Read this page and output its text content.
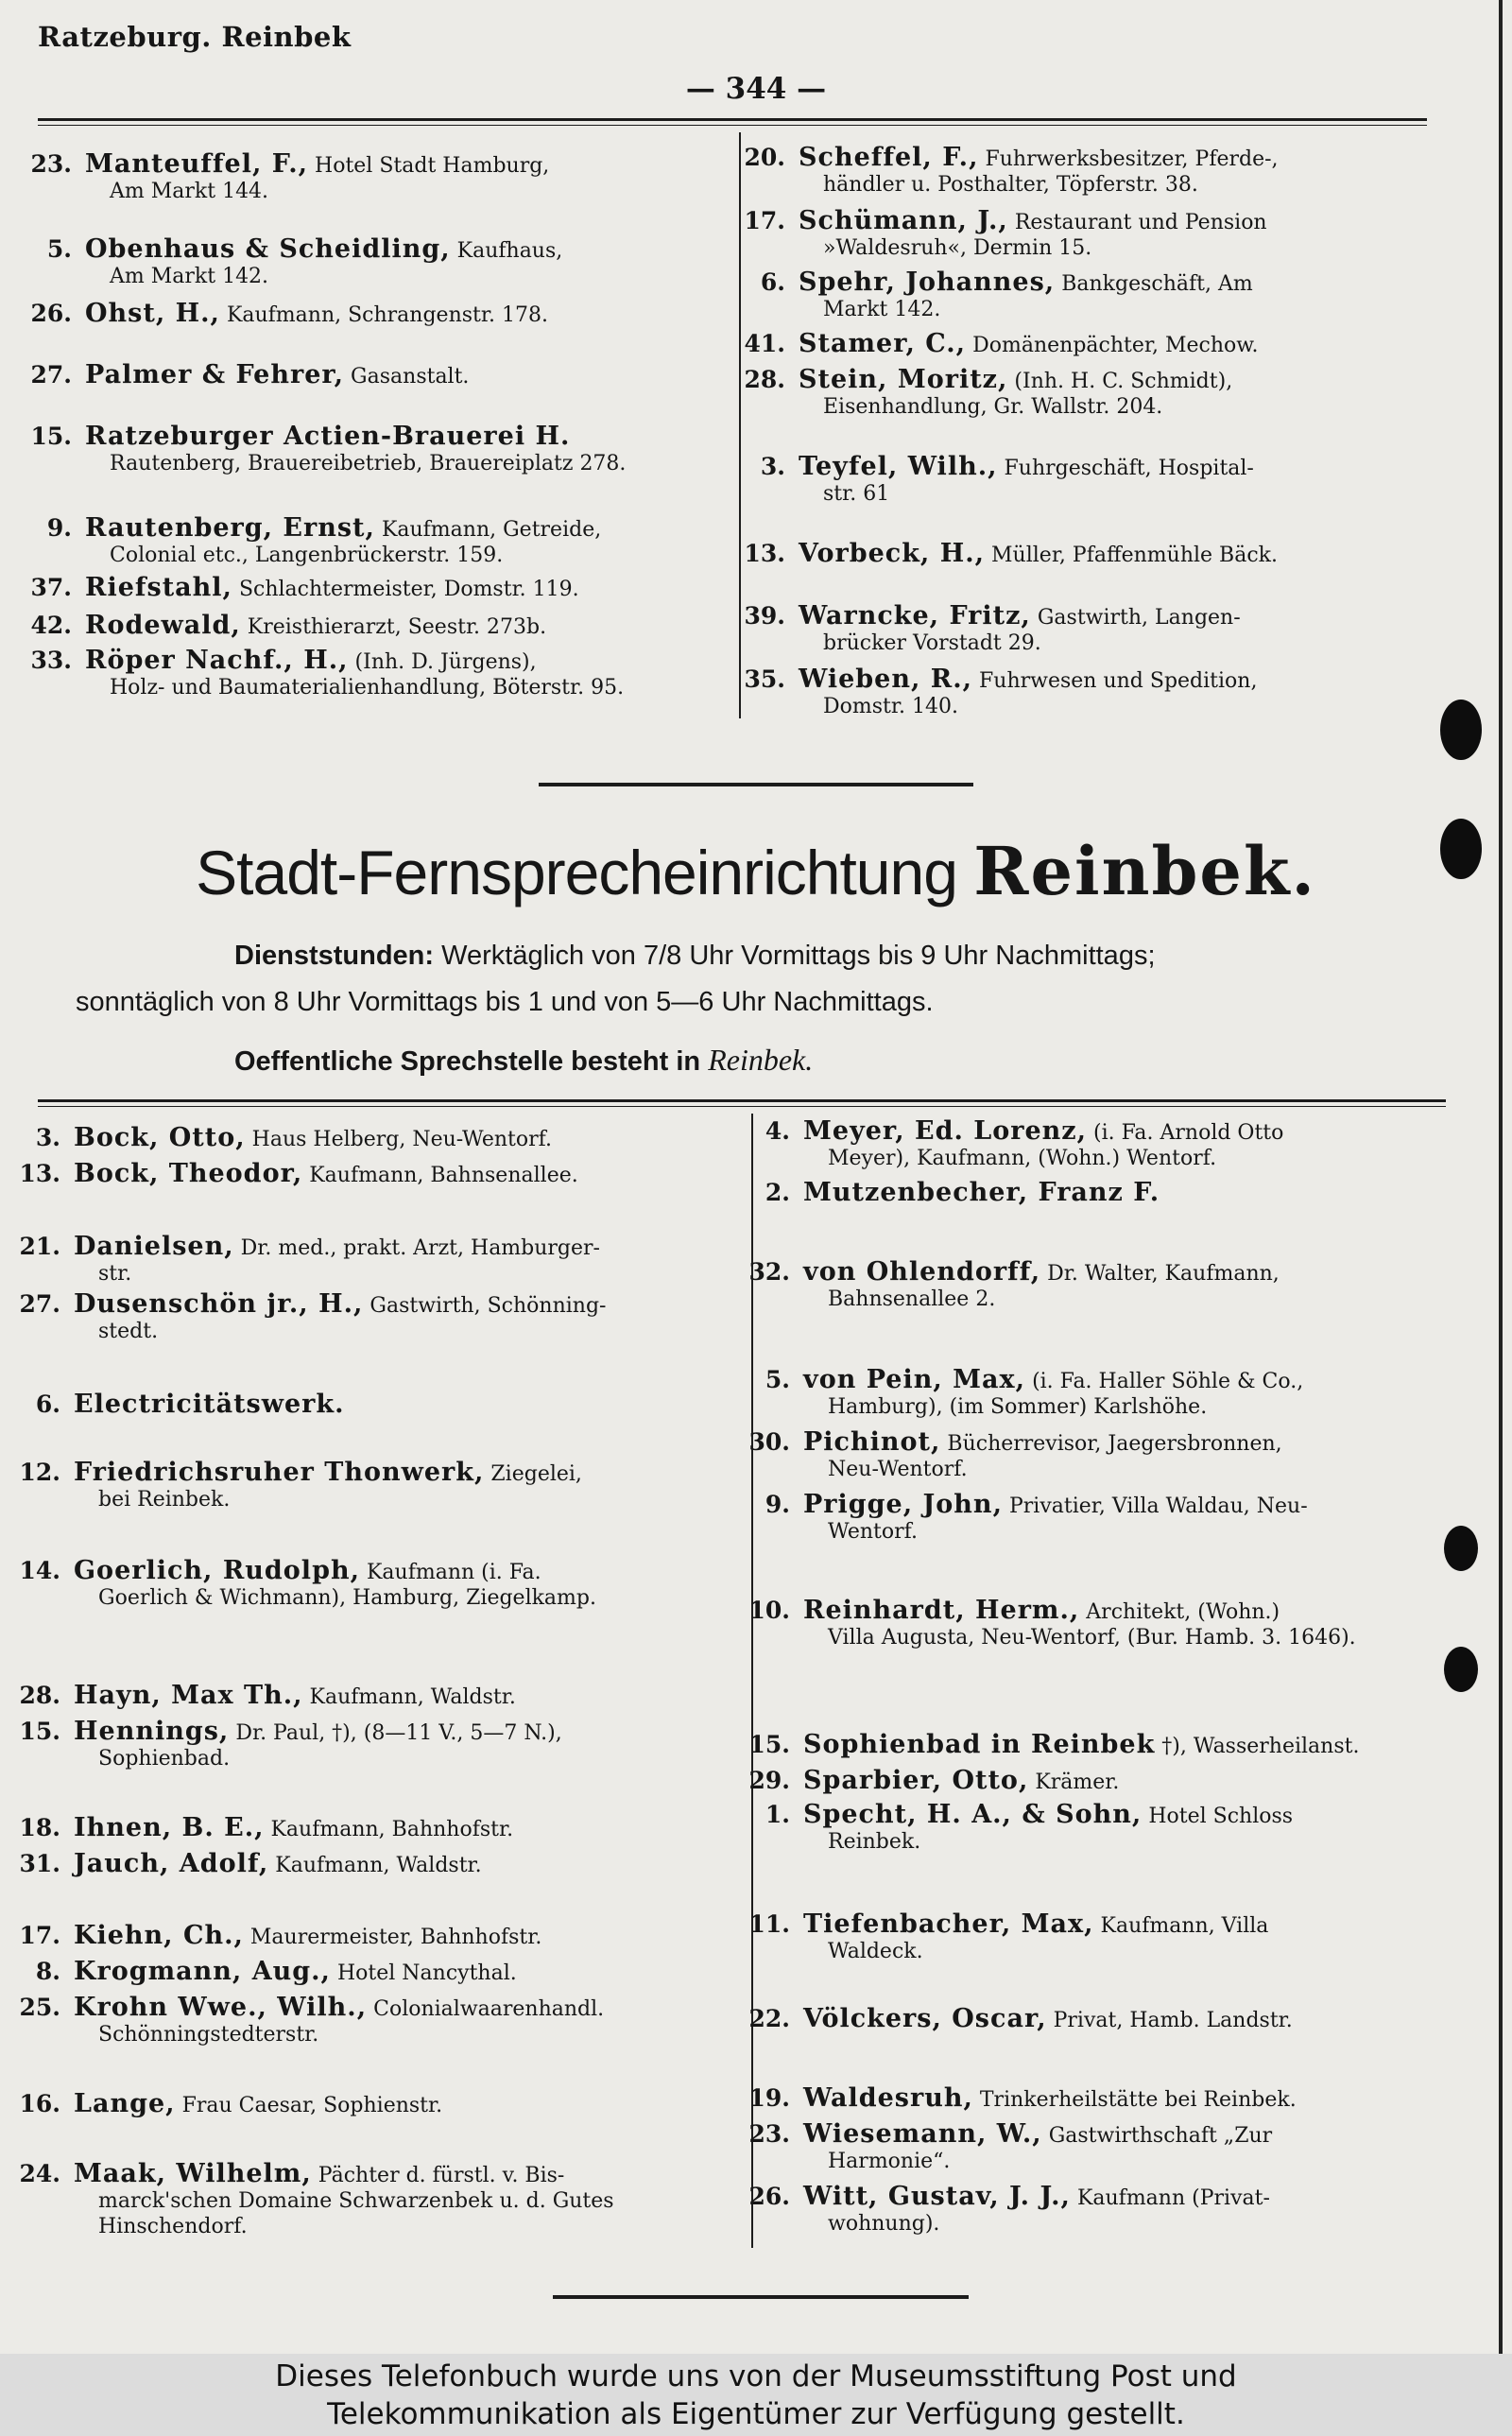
Ratzeburg. Reinbek
— 344 —
23. Manteuffel, F., Hotel Stadt Hamburg,
Am Markt 144.
5. Obenhaus & Scheidling, Kaufhaus,
Am Markt 142.
26. Ohst, H., Kaufmann, Schrangenstr. 178.
27. Palmer & Fehrer, Gasanstalt.
15. Ratzeburger Actien-Brauerei H.
Rautenberg, Brauereibetrieb, Brauereiplatz 278.
9. Rautenberg, Ernst, Kaufmann, Getreide,
Colonial etc., Langenbrückerstr. 159.
37. Riefstahl, Schlachtermeister, Domstr. 119.
42. Rodewald, Kreisthierarzt, Seestr. 273b.
33. Röper Nachf., H., (Inh. D. Jürgens),
Holz- und Baumaterialienhandlung, Böterstr. 95.
20. Scheffel, F., Fuhrwerksbesitzer, Pferde-,
händler u. Posthalter, Töpferstr. 38.
17. Schümann, J., Restaurant und Pension
»Waldesruh«, Dermin 15.
6. Spehr, Johannes, Bankgeschäft, Am
Markt 142.
41. Stamer, C., Domänenpächter, Mechow.
28. Stein, Moritz, (Inh. H. C. Schmidt),
Eisenhandlung, Gr. Wallstr. 204.
3. Teyfel, Wilh., Fuhrgeschäft, Hospital-
str. 61
13. Vorbeck, H., Müller, Pfaffenmühle Bäck.
39. Warncke, Fritz, Gastwirth, Langen-
brücker Vorstadt 29.
35. Wieben, R., Fuhrwesen und Spedition,
Domstr. 140.
Stadt-Fernsprecheinrichtung Reinbek.
Dienststunden: Werktäglich von 7/8 Uhr Vormittags bis 9 Uhr Nachmittags;
sonntäglich von 8 Uhr Vormittags bis 1 und von 5—6 Uhr Nachmittags.
Oeffentliche Sprechstelle besteht in Reinbek.
3. Bock, Otto, Haus Helberg, Neu-Wentorf.
13. Bock, Theodor, Kaufmann, Bahnsenallee.
21. Danielsen, Dr. med., prakt. Arzt, Hamburger-
str.
27. Dusenschön jr., H., Gastwirth, Schönning-
stedt.
6. Electricitätswerk.
12. Friedrichsruher Thonwerk, Ziegelei,
bei Reinbek.
14. Goerlich, Rudolph, Kaufmann (i. Fa.
Goerlich & Wichmann), Hamburg, Ziegelkamp.
28. Hayn, Max Th., Kaufmann, Waldstr.
15. Hennings, Dr. Paul, †), (8—11 V., 5—7 N.),
Sophienbad.
18. Ihnen, B. E., Kaufmann, Bahnhofstr.
31. Jauch, Adolf, Kaufmann, Waldstr.
17. Kiehn, Ch., Maurermeister, Bahnhofstr.
8. Krogmann, Aug., Hotel Nancythal.
25. Krohn Wwe., Wilh., Colonialwaarenhandl.
Schönningstedterstr.
16. Lange, Frau Caesar, Sophienstr.
24. Maak, Wilhelm, Pächter d. fürstl. v. Bis-
marck'schen Domaine Schwarzenbek u. d. Gutes Hinschendorf.
4. Meyer, Ed. Lorenz, (i. Fa. Arnold Otto
Meyer), Kaufmann, (Wohn.) Wentorf.
2. Mutzenbecher, Franz F.
32. von Ohlendorff, Dr. Walter, Kaufmann,
Bahnsenallee 2.
5. von Pein, Max, (i. Fa. Haller Söhle & Co.,
Hamburg), (im Sommer) Karlshöhe.
30. Pichinot, Bücherrevisor, Jaegersbronnen,
Neu-Wentorf.
9. Prigge, John, Privatier, Villa Waldau, Neu-
Wentorf.
10. Reinhardt, Herm., Architekt, (Wohn.)
Villa Augusta, Neu-Wentorf, (Bur. Hamb. 3. 1646).
15. Sophienbad in Reinbek †), Wasserheilanst.
29. Sparbier, Otto, Krämer.
1. Specht, H. A., & Sohn, Hotel Schloss
Reinbek.
11. Tiefenbacher, Max, Kaufmann, Villa
Waldeck.
22. Völckers, Oscar, Privat, Hamb. Landstr.
19. Waldesruh, Trinkerheilstätte bei Reinbek.
23. Wiesemann, W., Gastwirthschaft „Zur
Harmonie“.
26. Witt, Gustav, J. J., Kaufmann (Privat-
wohnung).
Dieses Telefonbuch wurde uns von der Museumsstiftung Post und
Telekommunikation als Eigentümer zur Verfügung gestellt.
